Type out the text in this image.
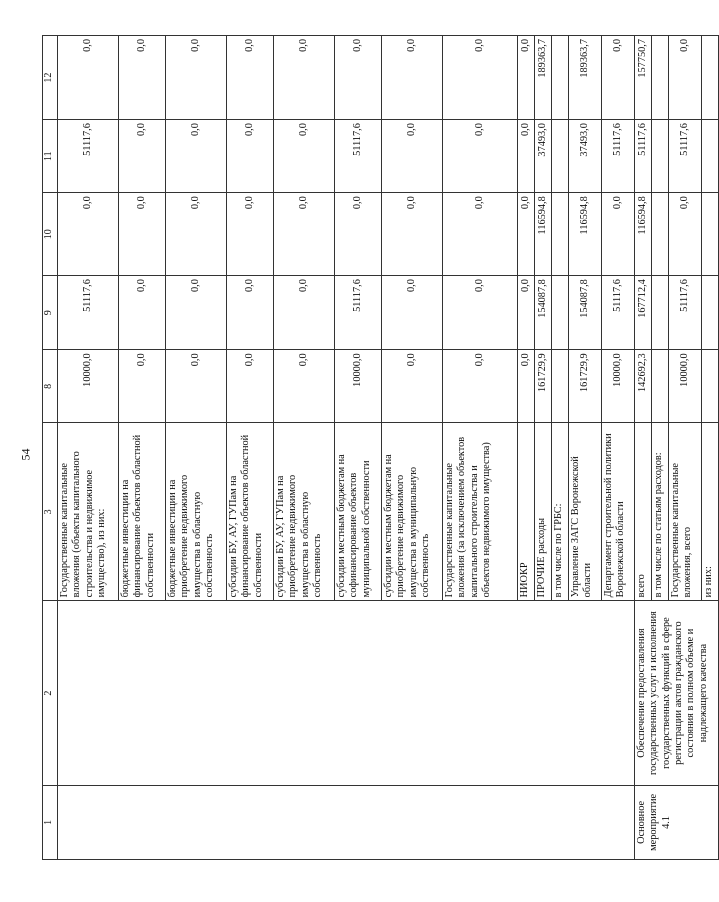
54
1	2	3	8	9	10	11	12
		Государственные капитальные вложения (объекты капитального строительства и недвижимое имущество), из них:	10000,0	51117,6	0,0	51117,6	0,0
		бюджетные инвестиции на финансирование объектов областной собственности	0,0	0,0	0,0	0,0	0,0
		бюджетные инвестиции на приобретение недвижимого имущества в областную собственность	0,0	0,0	0,0	0,0	0,0
		субсидии БУ, АУ, ГУПам на финансирование объектов областной собственности	0,0	0,0	0,0	0,0	0,0
		субсидии БУ, АУ, ГУПам на приобретение недвижимого имущества в областную собственность	0,0	0,0	0,0	0,0	0,0
		субсидии местным бюджетам на софинансирование объектов муниципальной собственности	10000,0	51117,6	0,0	51117,6	0,0
		субсидии местным бюджетам на приобретение недвижимого имущества в муниципальную собственность	0,0	0,0	0,0	0,0	0,0
		Государственные капитальные вложения (за исключением объектов капитального строительства и объектов недвижимого имущества)	0,0	0,0	0,0	0,0	0,0
		НИОКР	0,0	0,0	0,0	0,0	0,0
		ПРОЧИЕ расходы	161729,9	154087,8	116594,8	37493,0	189363,7
		в том числе по ГРБС:					
		Управление ЗАГС Воронежской области	161729,9	154087,8	116594,8	37493,0	189363,7
		Департамент строительной политики Воронежской области	10000,0	51117,6	0,0	51117,6	0,0
Основное мероприятие 4.1	Обеспечение предоставления государственных услуг и исполнения государственных функций в сфере регистрации актов гражданского состояния в полном объеме и надлежащего качества	всего	142692,3	167712,4	116594,8	51117,6	157750,7
		в том числе по статьям расходов:					
		Государственные капитальные вложения, всего	10000,0	51117,6	0,0	51117,6	0,0
		из них:					
